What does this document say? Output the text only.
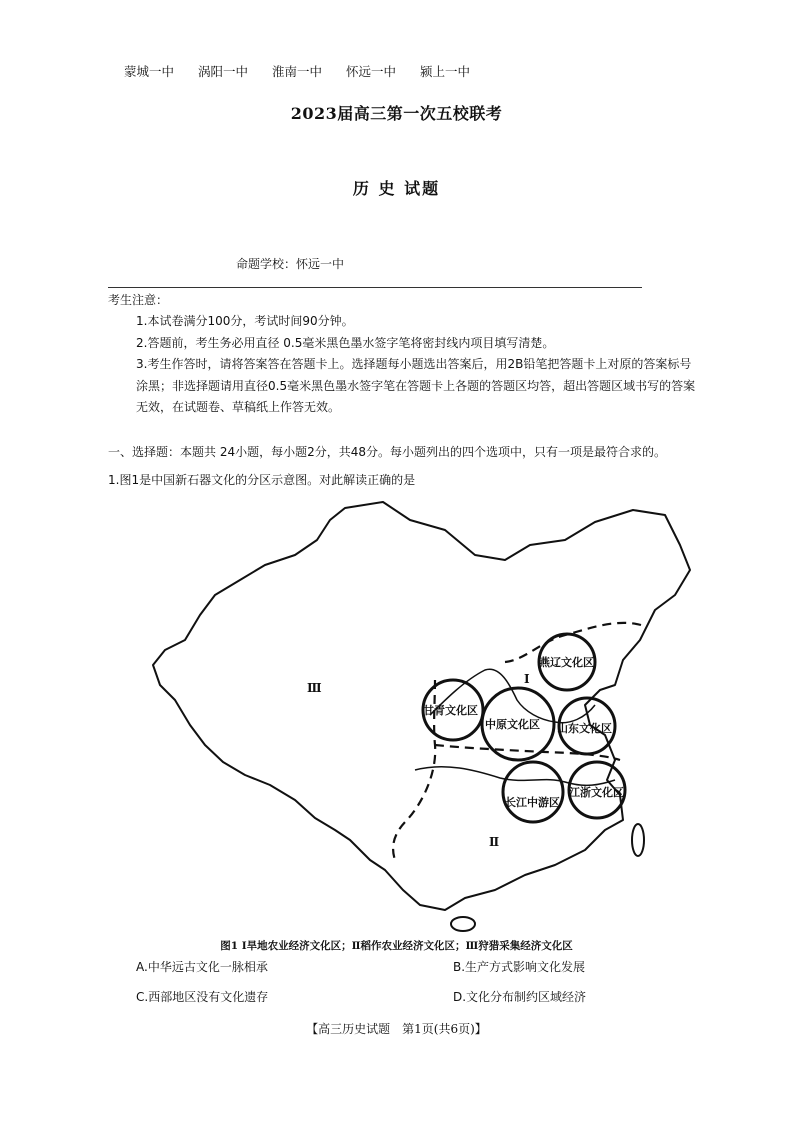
蒙城一中 涡阳一中 淮南一中 怀远一中 颍上一中
2023届高三第一次五校联考
历 史 试题
命题学校：怀远一中
考生注意：

1.本试卷满分100分，考试时间90分钟。

2.答题前，考生务必用直径 0.5毫米黑色墨水签字笔将密封线内项目填写清楚。

3.考生作答时，请将答案答在答题卡上。选择题每小题选出答案后，用2B铅笔把答题卡上对原的答案标号涂黑；非选择题请用直径0.5毫米黑色墨水签字笔在答题卡上各题的答题区均答，超出答题区域书写的答案无效，在试题卷、草稿纸上作答无效。

一、选择题：本题共 24小题，每小题2分，共48分。每小题列出的四个选项中，只有一项是最符合求的。
1.图1是中国新石器文化的分区示意图。对此解读正确的是
Ⅲ
Ⅰ
Ⅱ
燕辽文化区
甘青文化区
中原文化区 山东文化区
长江中游区
江浙文化区
图1 Ⅰ旱地农业经济文化区；Ⅱ稻作农业经济文化区；Ⅲ狩猎采集经济文化区
A.中华远古文化一脉相承	B.生产方式影响文化发展
C.西部地区没有文化遗存	D.文化分布制约区域经济
【高三历史试题　第1页(共6页)】
